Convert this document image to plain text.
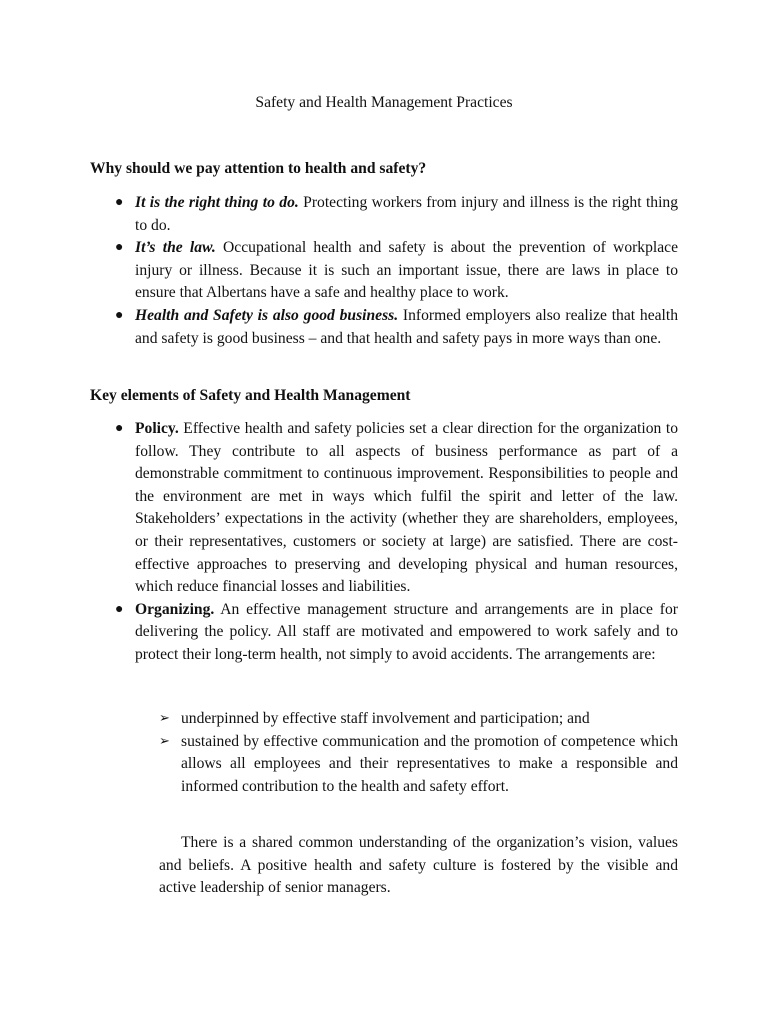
Safety and Health Management Practices
Why should we pay attention to health and safety?
● It is the right thing to do. Protecting workers from injury and illness is the right thing to do.
● It’s the law. Occupational health and safety is about the prevention of workplace injury or illness. Because it is such an important issue, there are laws in place to ensure that Albertans have a safe and healthy place to work.
● Health and Safety is also good business. Informed employers also realize that health and safety is good business – and that health and safety pays in more ways than one.
Key elements of Safety and Health Management
● Policy. Effective health and safety policies set a clear direction for the organization to follow. They contribute to all aspects of business performance as part of a demonstrable commitment to continuous improvement. Responsibilities to people and the environment are met in ways which fulfil the spirit and letter of the law. Stakeholders’ expectations in the activity (whether they are shareholders, employees, or their representatives, customers or society at large) are satisfied. There are cost-effective approaches to preserving and developing physical and human resources, which reduce financial losses and liabilities.
● Organizing. An effective management structure and arrangements are in place for delivering the policy. All staff are motivated and empowered to work safely and to protect their long-term health, not simply to avoid accidents. The arrangements are:
➢ underpinned by effective staff involvement and participation; and
➢ sustained by effective communication and the promotion of competence which allows all employees and their representatives to make a responsible and informed contribution to the health and safety effort.

There is a shared common understanding of the organization’s vision, values and beliefs. A positive health and safety culture is fostered by the visible and active leadership of senior managers.
